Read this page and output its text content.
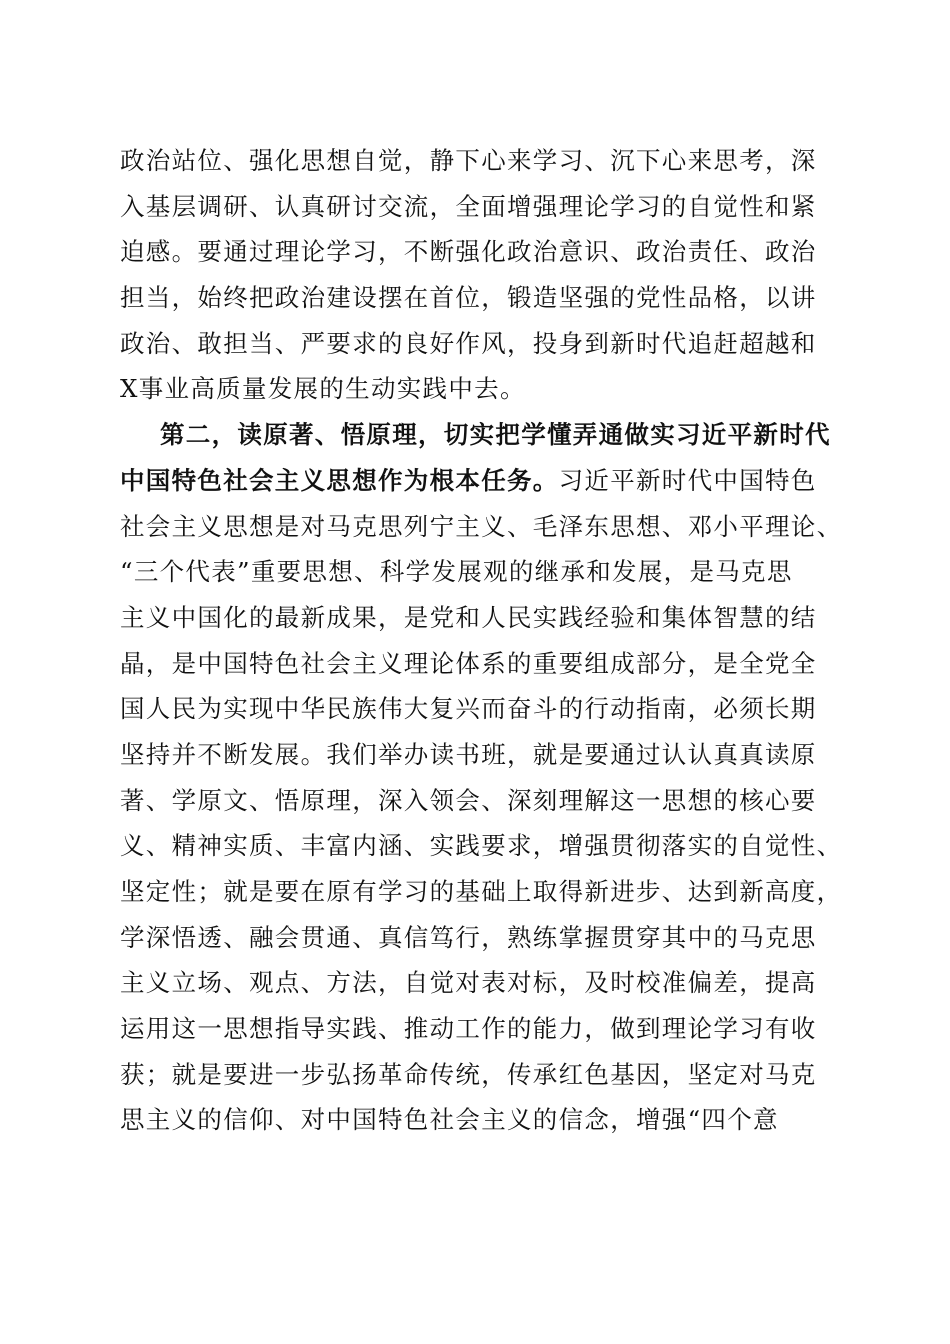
政治站位、强化思想自觉，静下心来学习、沉下心来思考，深
入基层调研、认真研讨交流，全面增强理论学习的自觉性和紧
迫感。要通过理论学习，不断强化政治意识、政治责任、政治
担当，始终把政治建设摆在首位，锻造坚强的党性品格，以讲
政治、敢担当、严要求的良好作风，投身到新时代追赶超越和
X事业高质量发展的生动实践中去。
第二，读原著、悟原理，切实把学懂弄通做实习近平新时代
中国特色社会主义思想作为根本任务。习近平新时代中国特色
社会主义思想是对马克思列宁主义、毛泽东思想、邓小平理论、
“三个代表”重要思想、科学发展观的继承和发展，是马克思
主义中国化的最新成果，是党和人民实践经验和集体智慧的结
晶，是中国特色社会主义理论体系的重要组成部分，是全党全
国人民为实现中华民族伟大复兴而奋斗的行动指南，必须长期
坚持并不断发展。我们举办读书班，就是要通过认认真真读原
著、学原文、悟原理，深入领会、深刻理解这一思想的核心要
义、精神实质、丰富内涵、实践要求，增强贯彻落实的自觉性、
坚定性；就是要在原有学习的基础上取得新进步、达到新高度，
学深悟透、融会贯通、真信笃行，熟练掌握贯穿其中的马克思
主义立场、观点、方法，自觉对表对标，及时校准偏差，提高
运用这一思想指导实践、推动工作的能力，做到理论学习有收
获；就是要进一步弘扬革命传统，传承红色基因，坚定对马克
思主义的信仰、对中国特色社会主义的信念，增强“四个意
